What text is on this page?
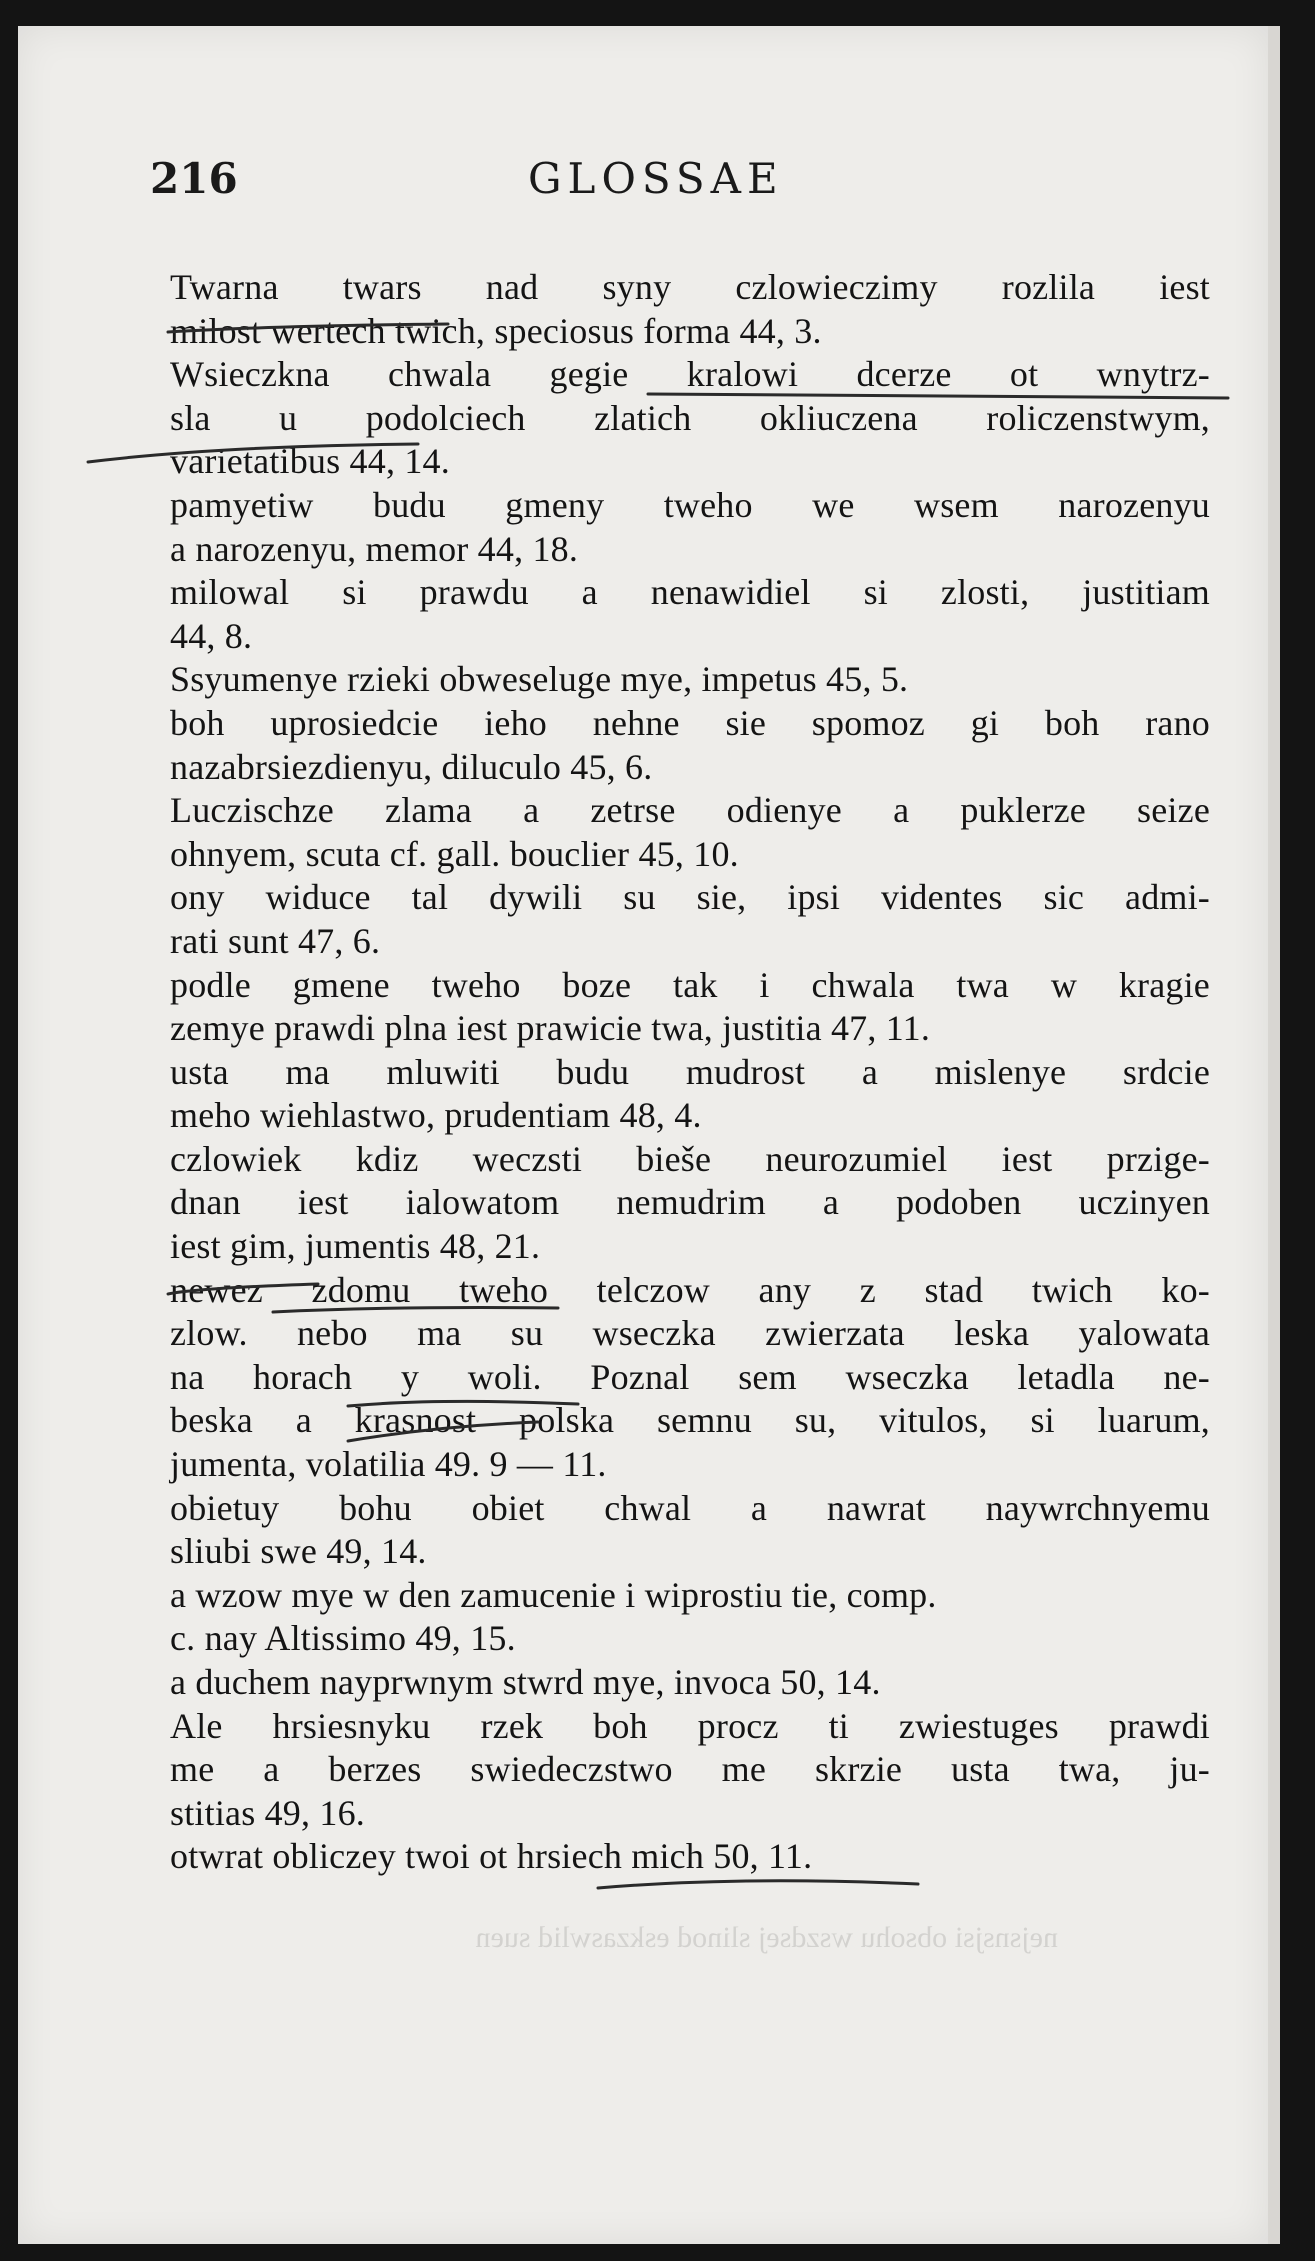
216	GLOSSAE
Twarna twars nad syny czlowieczimy rozlila iest
milost wertech twich, speciosus forma 44, 3.
Wsieczkna chwala gegie kralowi dcerze ot wnytrz-
sla u podolciech zlatich okliuczena roliczenstwym,
varietatibus 44, 14.
pamyetiw budu gmeny tweho we wsem narozenyu
a narozenyu, memor 44, 18.
milowal si prawdu a nenawidiel si zlosti, justitiam
44, 8.
Ssyumenye rzieki obweseluge mye, impetus 45, 5.
boh uprosiedcie ieho nehne sie spomoz gi boh rano
nazabrsiezdienyu, diluculo 45, 6.
Luczischze zlama a zetrse odienye a puklerze seize
ohnyem, scuta cf. gall. bouclier 45, 10.
ony widuce tal dywili su sie, ipsi videntes sic admi-
rati sunt 47, 6.
podle gmene tweho boze tak i chwala twa w kragie
zemye prawdi plna iest prawicie twa, justitia 47, 11.
usta ma mluwiti budu mudrost a mislenye srdcie
meho wiehlastwo, prudentiam 48, 4.
czlowiek kdiz weczsti bieše neurozumiel iest przige-
dnan iest ialowatom nemudrim a podoben uczinyen
iest gim, jumentis 48, 21.
newez zdomu tweho telczow any z stad twich ko-
zlow. nebo ma su wseczka zwierzata leska yalowata
na horach y woli. Poznal sem wseczka letadla ne-
beska a krasnost polska semnu su, vitulos, si luarum,
jumenta, volatilia 49. 9 — 11.
obietuy bohu obiet chwal a nawrat naywrchnyemu
sliubi swe 49, 14.
a wzow mye w den zamucenie i wiprostiu tie, comp.
c. nay Altissimo 49, 15.
a duchem nayprwnym stwrd mye, invoca 50, 14.
Ale hrsiesnyku rzek boh procz ti zwiestuges prawdi
me a berzes swiedeczstwo me skrzie usta twa, ju-
stitias 49, 16.
otwrat obliczey twoi ot hrsiech mich 50, 11.
nejsnsjsi obsohu wszdsej slinod eskzaswlid suen
